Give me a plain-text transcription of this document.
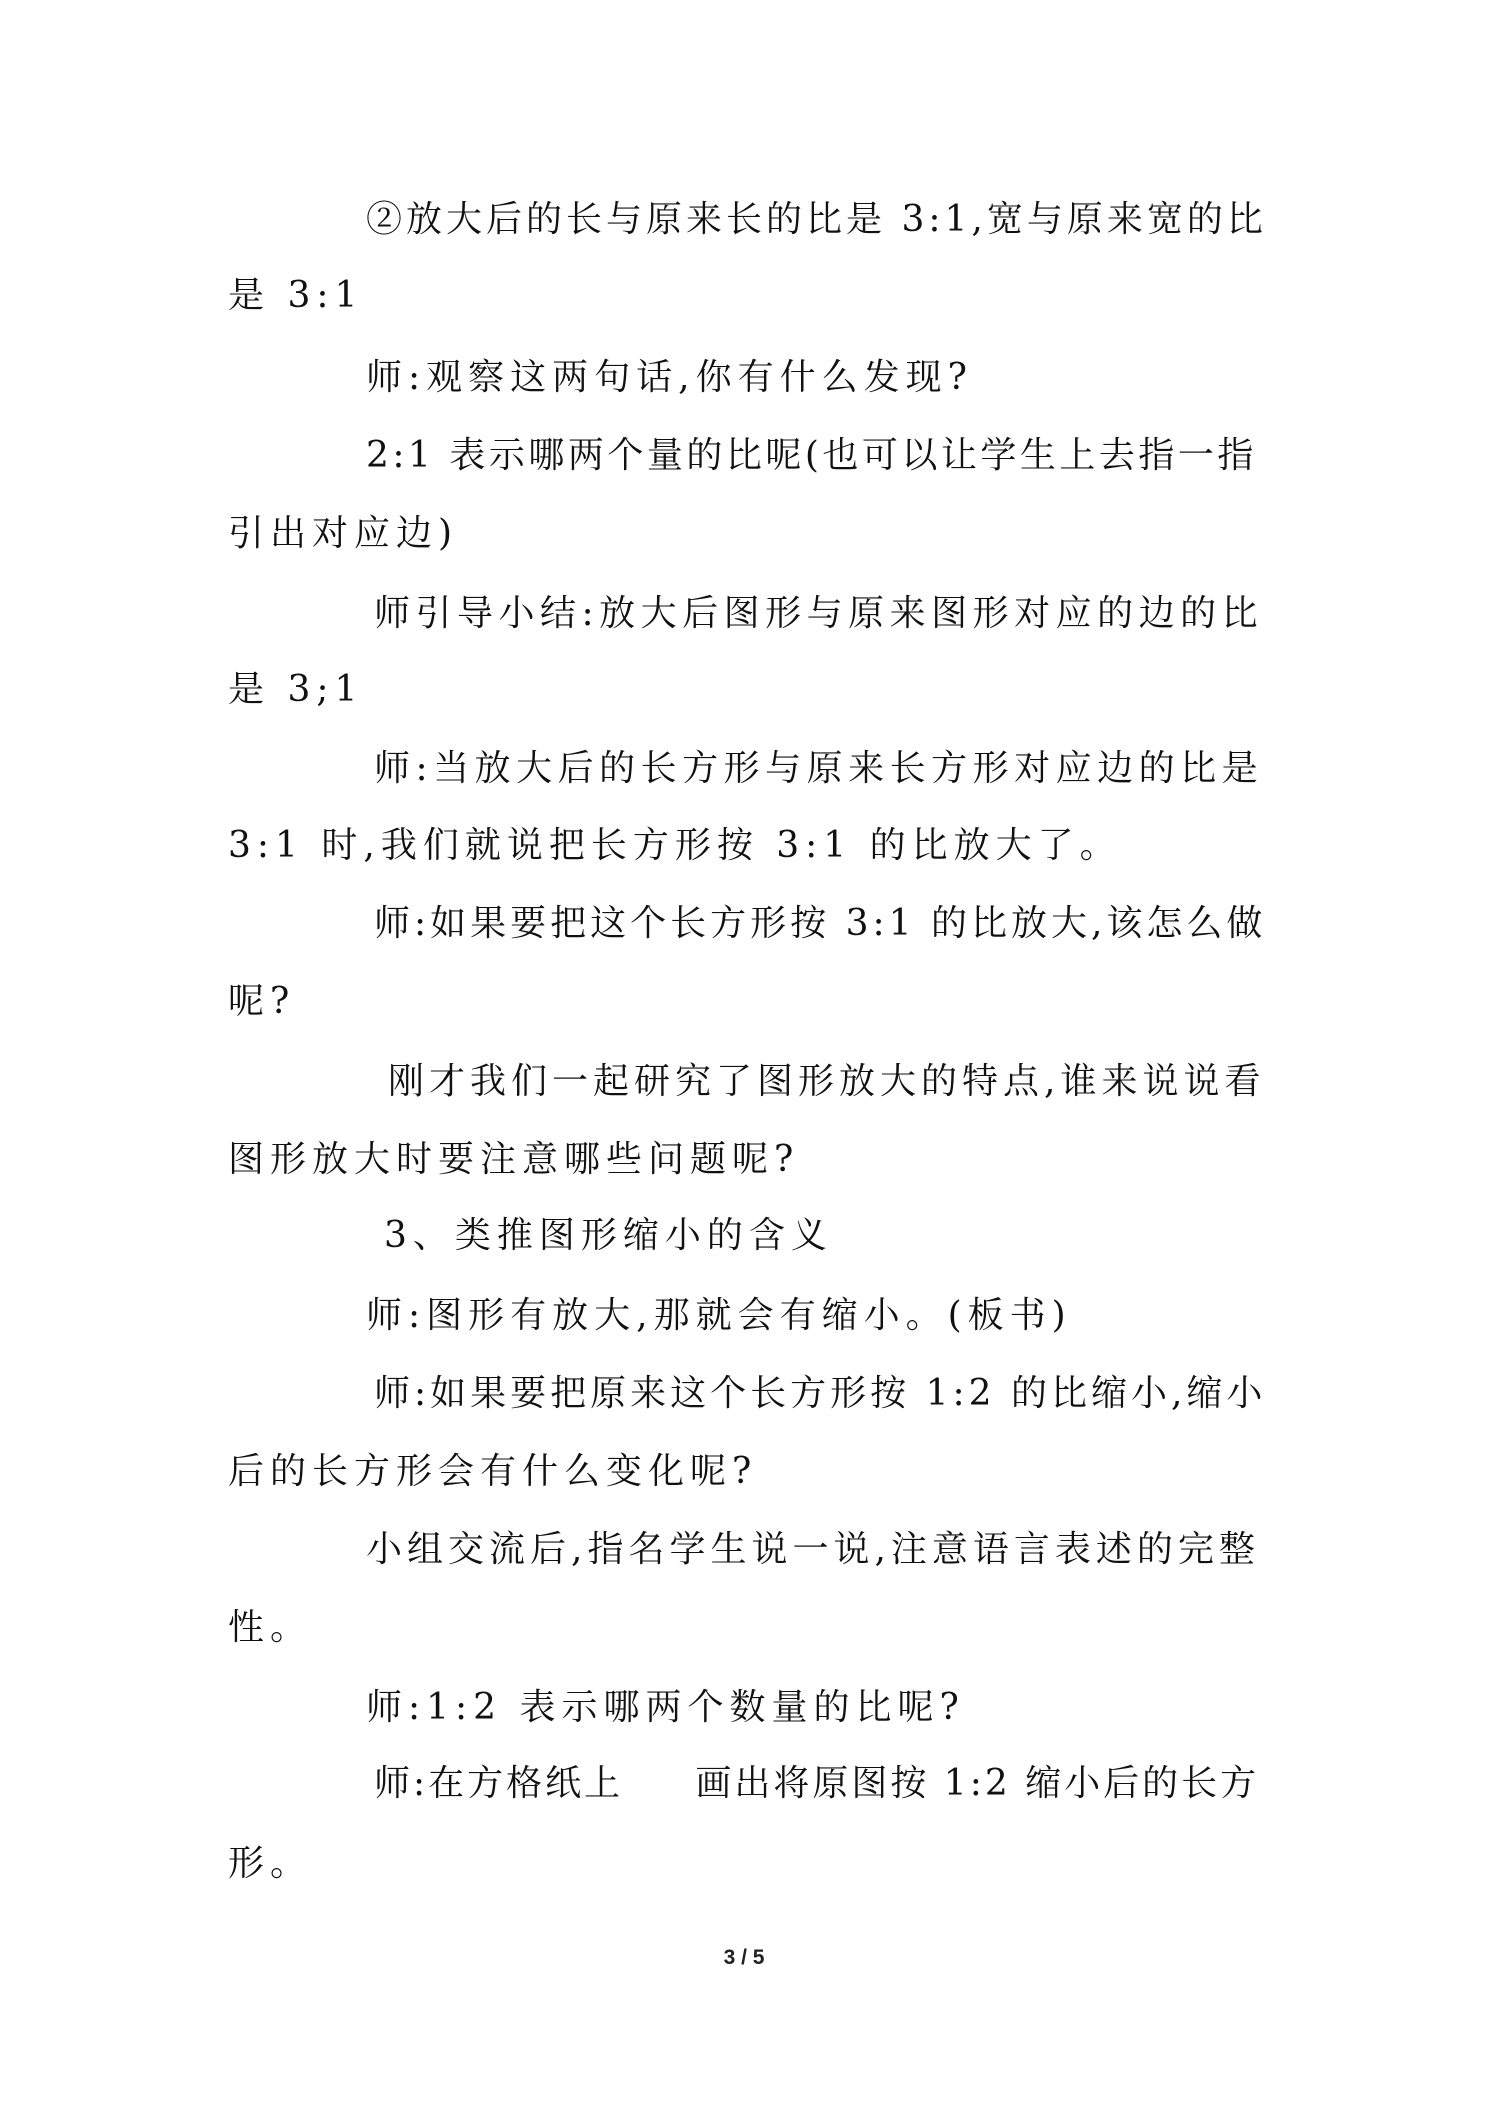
②放大后的长与原来长的比是 3:1,宽与原来宽的比
是 3:1
师:观察这两句话,你有什么发现?
2:1 表示哪两个量的比呢(也可以让学生上去指一指
引出对应边)
师引导小结:放大后图形与原来图形对应的边的比
是 3;1
师:当放大后的长方形与原来长方形对应边的比是
3:1 时,我们就说把长方形按 3:1 的比放大了。
师:如果要把这个长方形按 3:1 的比放大,该怎么做
呢?
刚才我们一起研究了图形放大的特点,谁来说说看
图形放大时要注意哪些问题呢?
3、类推图形缩小的含义
师:图形有放大,那就会有缩小。(板书)
师:如果要把原来这个长方形按 1:2 的比缩小,缩小
后的长方形会有什么变化呢?
小组交流后,指名学生说一说,注意语言表述的完整
性。
师:1:2 表示哪两个数量的比呢?
师:在方格纸上     画出将原图按 1:2 缩小后的长方
形。
3 / 5
